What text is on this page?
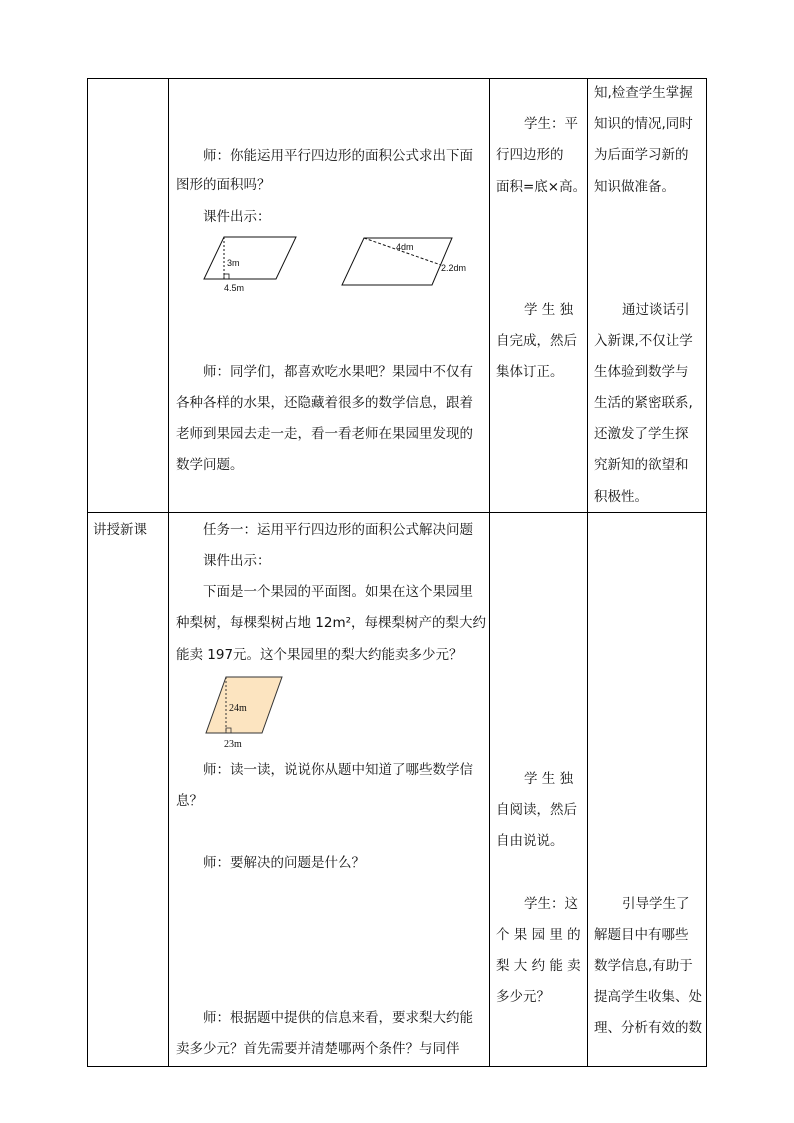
师：你能运用平行四边形的面积公式求出下面
图形的面积吗？
课件出示：
3m
4.5m
4dm
2.2dm
师：同学们，都喜欢吃水果吧？果园中不仅有
各种各样的水果，还隐藏着很多的数学信息，跟着
老师到果园去走一走，看一看老师在果园里发现的
数学问题。
学生：平
行四边形的
面积=底×高。
学 生 独
自完成，然后
集体订正。
知,检查学生掌握
知识的情况,同时
为后面学习新的
知识做准备。
通过谈话引
入新课,不仅让学
生体验到数学与
生活的紧密联系,
还激发了学生探
究新知的欲望和
积极性。
讲授新课	任务一：运用平行四边形的面积公式解决问题
课件出示：
下面是一个果园的平面图。如果在这个果园里
种梨树，每棵梨树占地 12m²，每棵梨树产的梨大约
能卖 197元。这个果园里的梨大约能卖多少元？
24m
23m
师：读一读，说说你从题中知道了哪些数学信
息？
师：要解决的问题是什么？
师：根据题中提供的信息来看，要求梨大约能
卖多少元？首先需要并清楚哪两个条件？与同伴
学 生 独
自阅读，然后
自由说说。
学生：这
个 果 园 里 的
梨 大 约 能 卖
多少元？
引导学生了
解题目中有哪些
数学信息,有助于
提高学生收集、处
理、分析有效的数
